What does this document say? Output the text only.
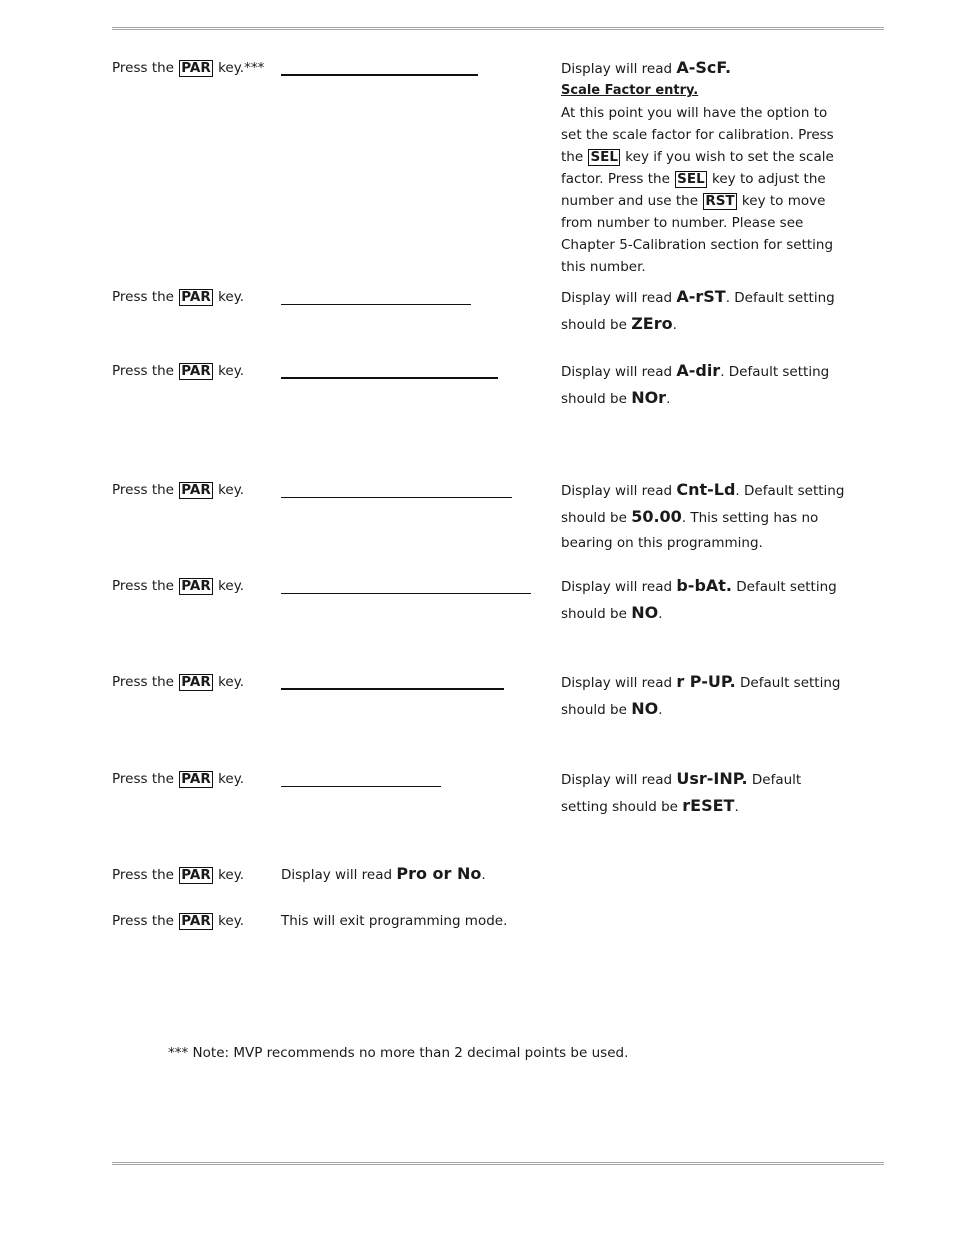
Press the PAR key.***	Display will read A-ScF.
Scale Factor entry.
At this point you will have the option to set the scale factor for calibration. Press the SEL key if you wish to set the scale factor. Press the SEL key to adjust the number and use the RST key to move from number to number. Please see Chapter 5-Calibration section for setting this number.
Press the PAR key.	Display will read A-rST. Default setting should be ZEro.
Press the PAR key.	Display will read A-dir. Default setting should be NOr.
Press the PAR key.	Display will read Cnt-Ld. Default setting should be 50.00. This setting has no bearing on this programming.
Press the PAR key.	Display will read b-bAt. Default setting should be NO.
Press the PAR key.	Display will read r P-UP. Default setting should be NO.
Press the PAR key.	Display will read Usr-INP. Default setting should be rESET.
Press the PAR key.	Display will read Pro or No.
Press the PAR key.	This will exit programming mode.
*** Note: MVP recommends no more than 2 decimal points be used.
